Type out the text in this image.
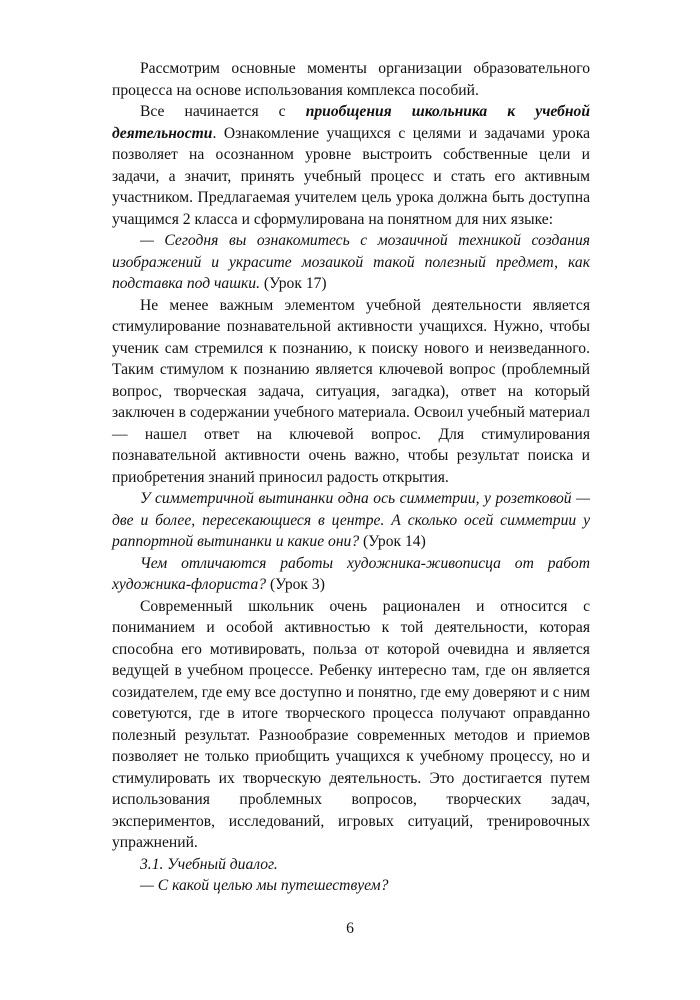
Рассмотрим основные моменты организации образовательного процесса на основе использования комплекса пособий.

Все начинается с приобщения школьника к учебной деятельности. Ознакомление учащихся с целями и задачами урока позволяет на осознанном уровне выстроить собственные цели и задачи, а значит, принять учебный процесс и стать его активным участником. Предлагаемая учителем цель урока должна быть доступна учащимся 2 класса и сформулирована на понятном для них языке:

— Сегодня вы ознакомитесь с мозаичной техникой создания изображений и украсите мозаикой такой полезный предмет, как подставка под чашки. (Урок 17)

Не менее важным элементом учебной деятельности является стимулирование познавательной активности учащихся. Нужно, чтобы ученик сам стремился к познанию, к поиску нового и неизведанного. Таким стимулом к познанию является ключевой вопрос (проблемный вопрос, творческая задача, ситуация, загадка), ответ на который заключен в содержании учебного материала. Освоил учебный материал — нашел ответ на ключевой вопрос. Для стимулирования познавательной активности очень важно, чтобы результат поиска и приобретения знаний приносил радость открытия.

У симметричной вытинанки одна ось симметрии, у розетковой — две и более, пересекающиеся в центре. А сколько осей симметрии у раппортной вытинанки и какие они? (Урок 14)

Чем отличаются работы художника-живописца от работ художника-флориста? (Урок 3)

Современный школьник очень рационален и относится с пониманием и особой активностью к той деятельности, которая способна его мотивировать, польза от которой очевидна и является ведущей в учебном процессе. Ребенку интересно там, где он является созидателем, где ему все доступно и понятно, где ему доверяют и с ним советуются, где в итоге творческого процесса получают оправданно полезный результат. Разнообразие современных методов и приемов позволяет не только приобщить учащихся к учебному процессу, но и стимулировать их творческую деятельность. Это достигается путем использования проблемных вопросов, творческих задач, экспериментов, исследований, игровых ситуаций, тренировочных упражнений.

3.1. Учебный диалог.

— С какой целью мы путешествуем?

6
